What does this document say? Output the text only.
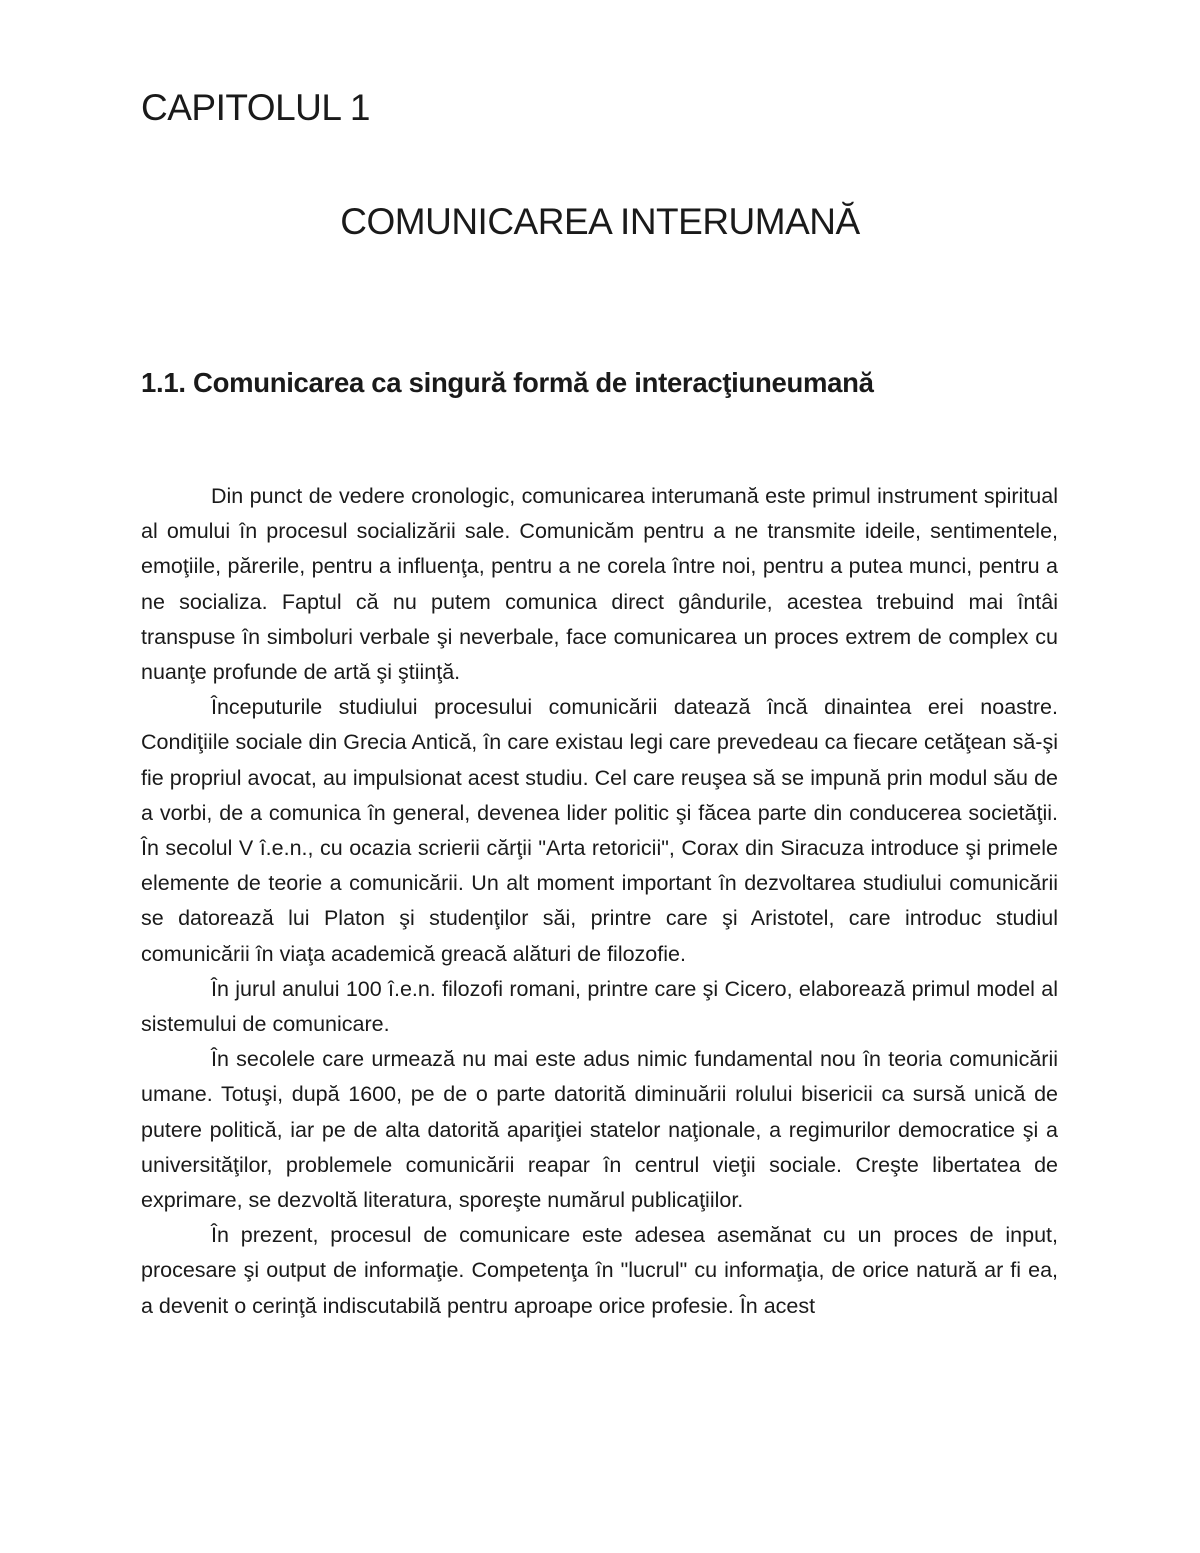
CAPITOLUL 1
COMUNICAREA INTERUMANĂ
1.1. Comunicarea ca singură formă de interacţiuneumană

Din punct de vedere cronologic, comunicarea interumană este primul instrument spiritual al omului în procesul socializării sale. Comunicăm pentru a ne transmite ideile, sentimentele, emoţiile, părerile, pentru a influenţa, pentru a ne corela între noi, pentru a putea munci, pentru a ne socializa. Faptul că nu putem comunica direct gândurile, acestea trebuind mai întâi transpuse în simboluri verbale şi neverbale, face comunicarea un proces extrem de complex cu nuanţe profunde de artă şi ştiinţă.

Începuturile studiului procesului comunicării datează încă dinaintea erei noastre. Condiţiile sociale din Grecia Antică, în care existau legi care prevedeau ca fiecare cetăţean să-şi fie propriul avocat, au impulsionat acest studiu. Cel care reuşea să se impună prin modul său de a vorbi, de a comunica în general, devenea lider politic şi făcea parte din conducerea societăţii. În secolul V î.e.n., cu ocazia scrierii cărţii "Arta retoricii", Corax din Siracuza introduce şi primele elemente de teorie a comunicării. Un alt moment important în dezvoltarea studiului comunicării se datorează lui Platon şi studenţilor săi, printre care şi Aristotel, care introduc studiul comunicării în viaţa academică greacă alături de filozofie.

În jurul anului 100 î.e.n. filozofi romani, printre care şi Cicero, elaborează primul model al sistemului de comunicare.

În secolele care urmează nu mai este adus nimic fundamental nou în teoria comunicării umane. Totuşi, după 1600, pe de o parte datorită diminuării rolului bisericii ca sursă unică de putere politică, iar pe de alta datorită apariţiei statelor naţionale, a regimurilor democratice şi a universităţilor, problemele comunicării reapar în centrul vieţii sociale. Creşte libertatea de exprimare, se dezvoltă literatura, sporeşte numărul publicaţiilor.

În prezent, procesul de comunicare este adesea asemănat cu un proces de input, procesare şi output de informaţie. Competenţa în "lucrul" cu informaţia, de orice natură ar fi ea, a devenit o cerinţă indiscutabilă pentru aproape orice profesie. În acest
